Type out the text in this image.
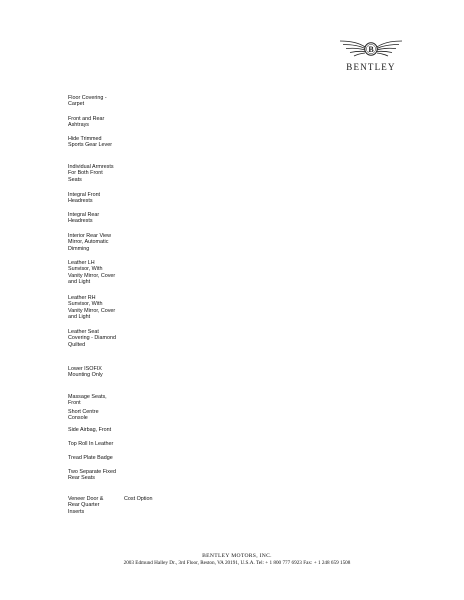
B
BENTLEY
Floor Covering -
Carpet
Front and Rear
Ashtrays
Hide Trimmed
Sports Gear Lever
Individual Armrests
For Both Front
Seats
Integral Front
Headrests
Integral Rear
Headrests
Interior Rear View
Mirror, Automatic
Dimming
Leather LH
Sunvisor, With
Vanity Mirror, Cover
and Light
Leather RH
Sunvisor, With
Vanity Mirror, Cover
and Light
Leather Seat
Covering - Diamond
Quilted
Lower ISOFIX
Mounting Only
Massage Seats,
Front
Short Centre
Console
Side Airbag, Front
Top Roll In Leather
Tread Plate Badge
Two Separate Fixed
Rear Seats
Veneer Door &
Rear Quarter
Inserts
Cost Option
BENTLEY MOTORS, INC.
2003 Edmund Halley Dr., 3rd Floor, Reston, VA 20191, U.S.A. Tel: + 1 800 777 6923 Fax: + 1 248 659 1508
